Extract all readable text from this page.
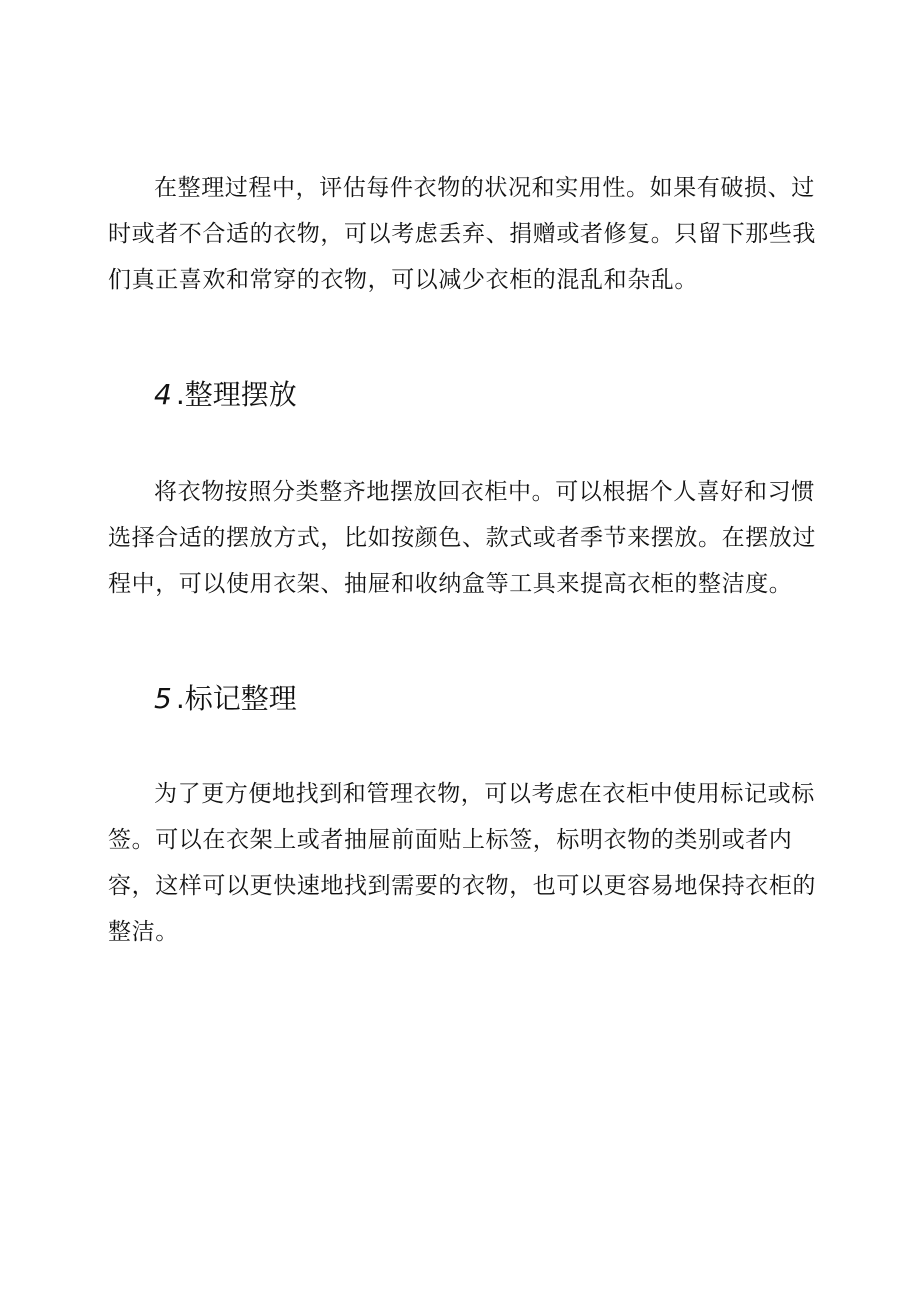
在整理过程中，评估每件衣物的状况和实用性。如果有破损、过时或者不合适的衣物，可以考虑丢弃、捐赠或者修复。只留下那些我们真正喜欢和常穿的衣物，可以减少衣柜的混乱和杂乱。

4 .整理摆放

将衣物按照分类整齐地摆放回衣柜中。可以根据个人喜好和习惯选择合适的摆放方式，比如按颜色、款式或者季节来摆放。在摆放过程中，可以使用衣架、抽屉和收纳盒等工具来提高衣柜的整洁度。

5 .标记整理

为了更方便地找到和管理衣物，可以考虑在衣柜中使用标记或标签。可以在衣架上或者抽屉前面贴上标签，标明衣物的类别或者内容，这样可以更快速地找到需要的衣物，也可以更容易地保持衣柜的整洁。
